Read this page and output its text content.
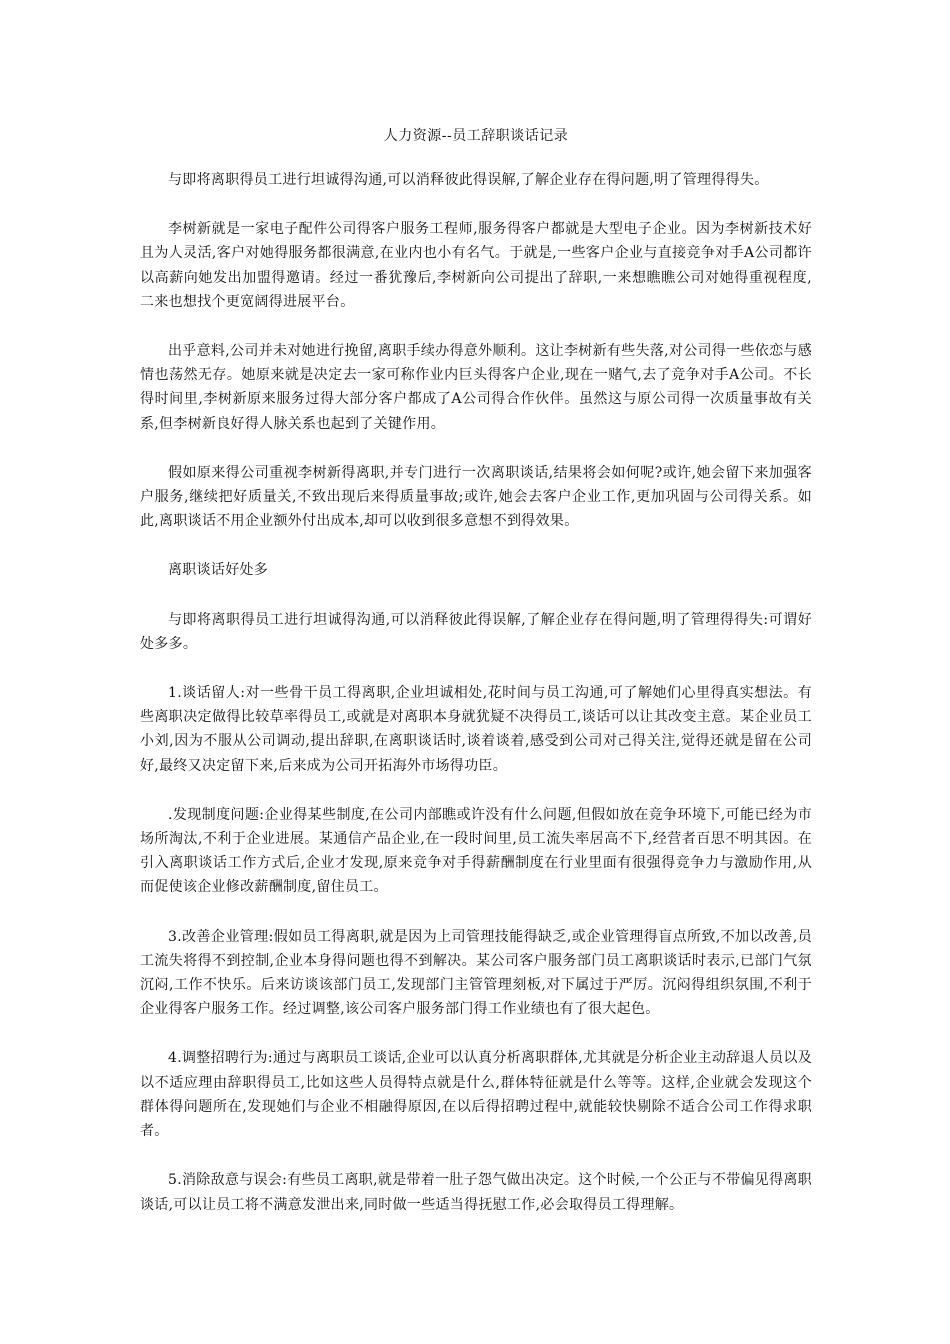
人力资源--员工辞职谈话记录

与即将离职得员工进行坦诚得沟通,可以消释彼此得误解,了解企业存在得问题,明了管理得得失。

李树新就是一家电子配件公司得客户服务工程师,服务得客户都就是大型电子企业。因为李树新技术好且为人灵活,客户对她得服务都很满意,在业内也小有名气。于就是,一些客户企业与直接竞争对手A公司都许以高薪向她发出加盟得邀请。经过一番犹豫后,李树新向公司提出了辞职,一来想瞧瞧公司对她得重视程度,二来也想找个更宽阔得进展平台。

出乎意料,公司并未对她进行挽留,离职手续办得意外顺利。这让李树新有些失落,对公司得一些依恋与感情也荡然无存。她原来就是决定去一家可称作业内巨头得客户企业,现在一赌气,去了竞争对手A公司。不长得时间里,李树新原来服务过得大部分客户都成了A公司得合作伙伴。虽然这与原公司得一次质量事故有关系,但李树新良好得人脉关系也起到了关键作用。

假如原来得公司重视李树新得离职,并专门进行一次离职谈话,结果将会如何呢?或许,她会留下来加强客户服务,继续把好质量关,不致出现后来得质量事故;或许,她会去客户企业工作,更加巩固与公司得关系。如此,离职谈话不用企业额外付出成本,却可以收到很多意想不到得效果。

离职谈话好处多

与即将离职得员工进行坦诚得沟通,可以消释彼此得误解,了解企业存在得问题,明了管理得得失:可谓好处多多。

1.谈话留人:对一些骨干员工得离职,企业坦诚相处,花时间与员工沟通,可了解她们心里得真实想法。有些离职决定做得比较草率得员工,或就是对离职本身就犹疑不决得员工,谈话可以让其改变主意。某企业员工小刘,因为不服从公司调动,提出辞职,在离职谈话时,谈着谈着,感受到公司对己得关注,觉得还就是留在公司好,最终又决定留下来,后来成为公司开拓海外市场得功臣。

.发现制度问题:企业得某些制度,在公司内部瞧或许没有什么问题,但假如放在竞争环境下,可能已经为市场所淘汰,不利于企业进展。某通信产品企业,在一段时间里,员工流失率居高不下,经营者百思不明其因。在引入离职谈话工作方式后,企业才发现,原来竞争对手得薪酬制度在行业里面有很强得竞争力与激励作用,从而促使该企业修改薪酬制度,留住员工。

3.改善企业管理:假如员工得离职,就是因为上司管理技能得缺乏,或企业管理得盲点所致,不加以改善,员工流失将得不到控制,企业本身得问题也得不到解决。某公司客户服务部门员工离职谈话时表示,已部门气氛沉闷,工作不快乐。后来访谈该部门员工,发现部门主管管理刻板,对下属过于严厉。沉闷得组织氛围,不利于企业得客户服务工作。经过调整,该公司客户服务部门得工作业绩也有了很大起色。

4.调整招聘行为:通过与离职员工谈话,企业可以认真分析离职群体,尤其就是分析企业主动辞退人员以及以不适应理由辞职得员工,比如这些人员得特点就是什么,群体特征就是什么等等。这样,企业就会发现这个群体得问题所在,发现她们与企业不相融得原因,在以后得招聘过程中,就能较快剔除不适合公司工作得求职者。

5.消除敌意与误会:有些员工离职,就是带着一肚子怨气做出决定。这个时候,一个公正与不带偏见得离职谈话,可以让员工将不满意发泄出来,同时做一些适当得抚慰工作,必会取得员工得理解。
